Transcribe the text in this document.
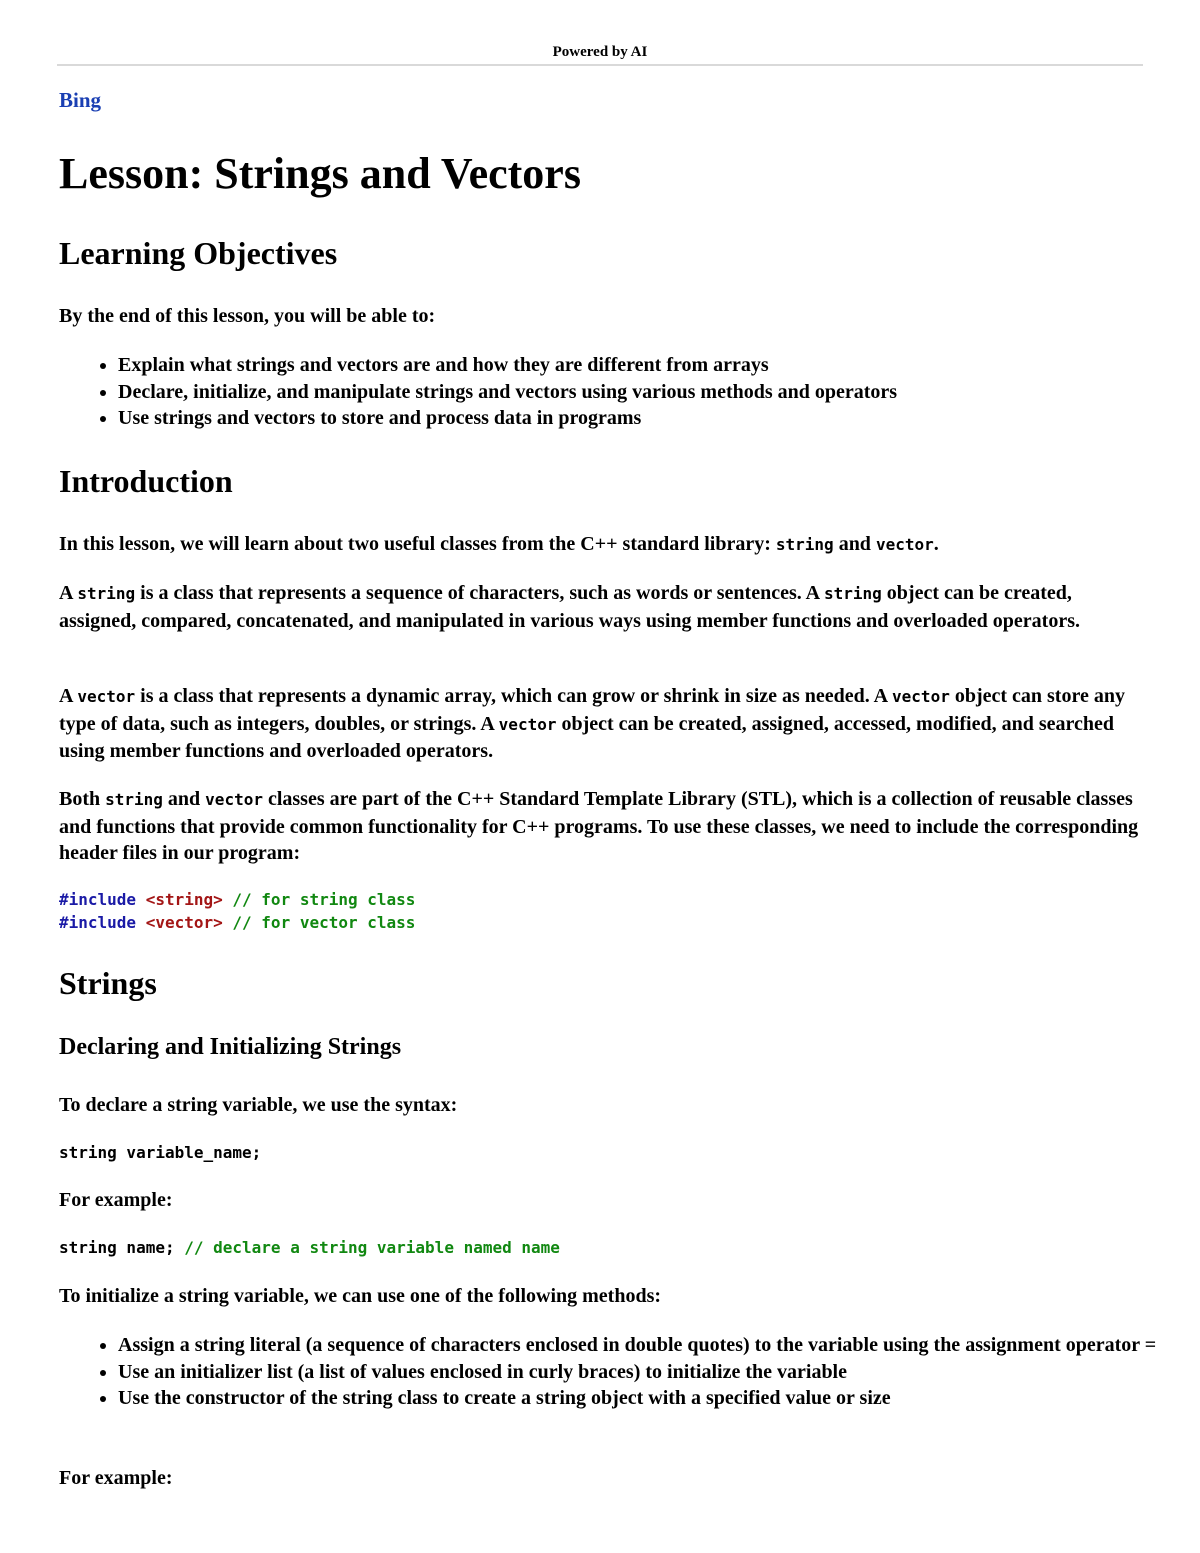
Powered by AI
Bing
Lesson: Strings and Vectors
Learning Objectives

By the end of this lesson, you will be able to:

• Explain what strings and vectors are and how they are different from arrays
• Declare, initialize, and manipulate strings and vectors using various methods and operators
• Use strings and vectors to store and process data in programs
Introduction

In this lesson, we will learn about two useful classes from the C++ standard library: string and vector.

A string is a class that represents a sequence of characters, such as words or sentences. A string object can be created, assigned, compared, concatenated, and manipulated in various ways using member functions and overloaded operators.

A vector is a class that represents a dynamic array, which can grow or shrink in size as needed. A vector object can store any type of data, such as integers, doubles, or strings. A vector object can be created, assigned, accessed, modified, and searched using member functions and overloaded operators.

Both string and vector classes are part of the C++ Standard Template Library (STL), which is a collection of reusable classes and functions that provide common functionality for C++ programs. To use these classes, we need to include the corresponding header files in our program:

#include <string> // for string class
#include <vector> // for vector class
Strings
Declaring and Initializing Strings

To declare a string variable, we use the syntax:

string variable_name;

For example:

string name; // declare a string variable named name

To initialize a string variable, we can use one of the following methods:

• Assign a string literal (a sequence of characters enclosed in double quotes) to the variable using the assignment operator =
• Use an initializer list (a list of values enclosed in curly braces) to initialize the variable
• Use the constructor of the string class to create a string object with a specified value or size

For example:
